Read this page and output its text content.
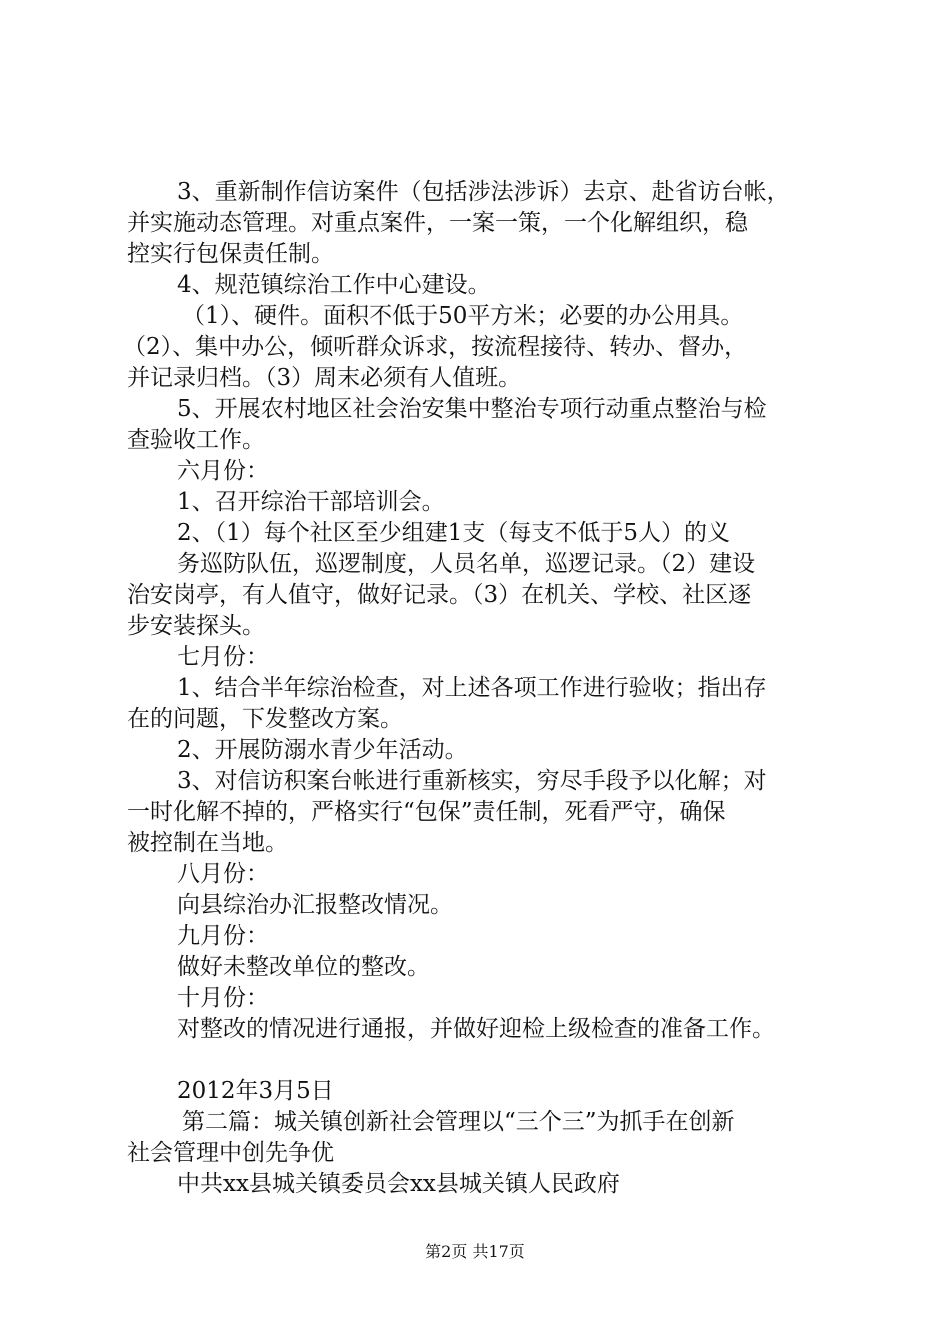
3、重新制作信访案件（包括涉法涉诉）去京、赴省访台帐，
并实施动态管理。对重点案件，一案一策，一个化解组织，稳
控实行包保责任制。
4、规范镇综治工作中心建设。
（1）、硬件。面积不低于50平方米；必要的办公用具。
（2）、集中办公，倾听群众诉求，按流程接待、转办、督办，
并记录归档。（3）周末必须有人值班。
5、开展农村地区社会治安集中整治专项行动重点整治与检
查验收工作。
六月份：
1、召开综治干部培训会。
2、（1）每个社区至少组建1支（每支不低于5人）的义
务巡防队伍，巡逻制度，人员名单，巡逻记录。（2）建设
治安岗亭，有人值守，做好记录。（3）在机关、学校、社区逐
步安装探头。
七月份：
1、结合半年综治检查，对上述各项工作进行验收；指出存
在的问题，下发整改方案。
2、开展防溺水青少年活动。
3、对信访积案台帐进行重新核实，穷尽手段予以化解；对
一时化解不掉的，严格实行“包保”责任制，死看严守，确保
被控制在当地。
八月份：
向县综治办汇报整改情况。
九月份：
做好未整改单位的整改。
十月份：
对整改的情况进行通报，并做好迎检上级检查的准备工作。
2012年3月5日
第二篇：城关镇创新社会管理以“三个三”为抓手在创新
社会管理中创先争优
中共xx县城关镇委员会xx县城关镇人民政府
第2页 共17页
